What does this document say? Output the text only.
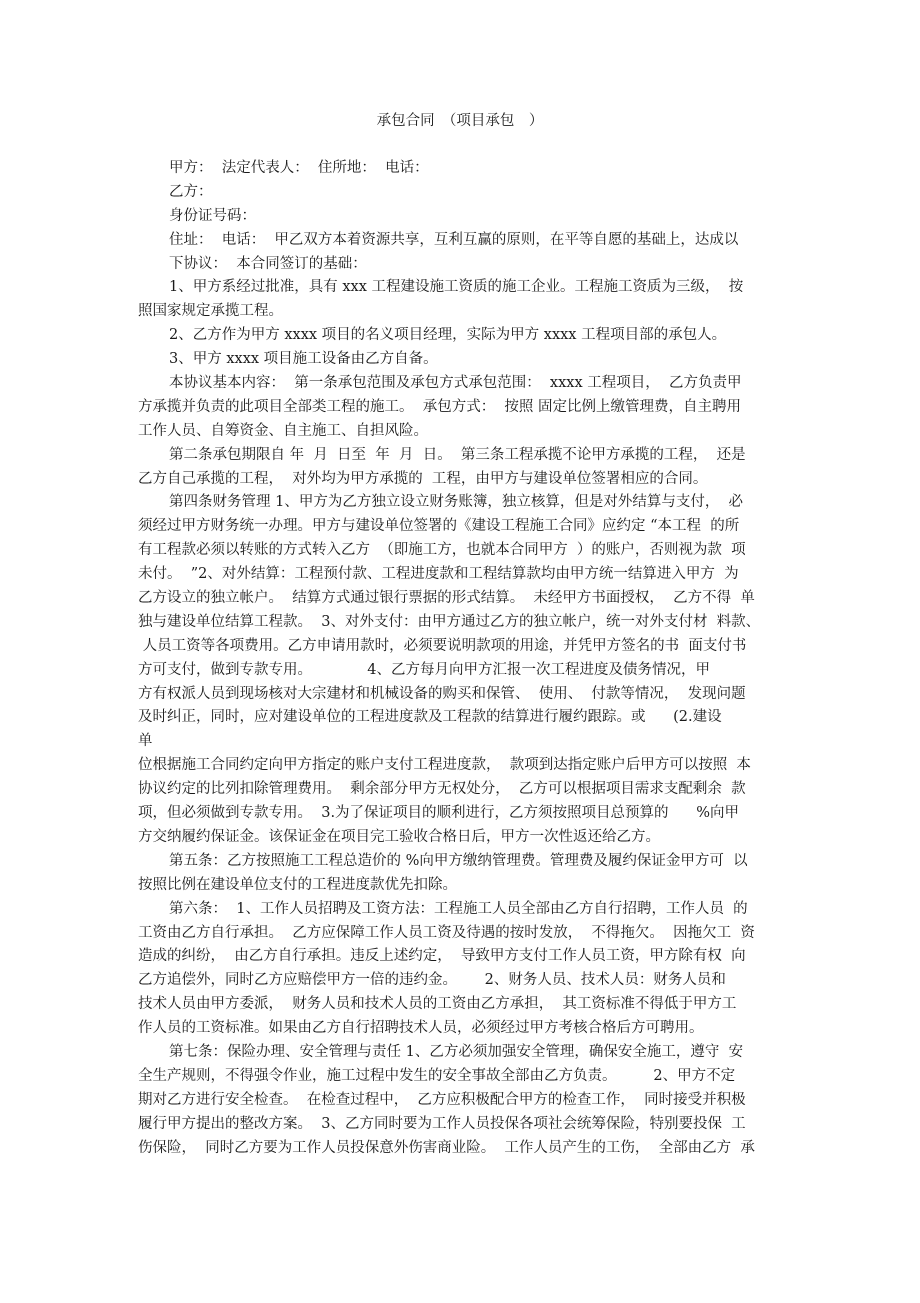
承包合同　（项目承包　）
甲方：  法定代表人：  住所地：  电话：
乙方：
身份证号码：
住址：  电话：  甲乙双方本着资源共享，互利互赢的原则，在平等自愿的基础上，达成以
下协议：  本合同签订的基础：
1、甲方系经过批准，具有 xxx 工程建设施工资质的施工企业。工程施工资质为三级，  按
照国家规定承揽工程。
2、乙方作为甲方 xxxx 项目的名义项目经理，实际为甲方 xxxx 工程项目部的承包人。
3、甲方 xxxx 项目施工设备由乙方自备。
本协议基本内容：  第一条承包范围及承包方式承包范围：  xxxx 工程项目，  乙方负责甲
方承揽并负责的此项目全部类工程的施工。  承包方式：  按照 固定比例上缴管理费，自主聘用
工作人员、自筹资金、自主施工、自担风险。
第二条承包期限自 年  月  日至  年  月  日。  第三条工程承揽不论甲方承揽的工程，  还是
乙方自己承揽的工程，  对外均为甲方承揽的  工程，由甲方与建设单位签署相应的合同。
第四条财务管理 1、甲方为乙方独立设立财务账簿，独立核算，但是对外结算与支付，  必
须经过甲方财务统一办理。甲方与建设单位签署的《建设工程施工合同》应约定 “本工程  的所
有工程款必须以转账的方式转入乙方  （即施工方，也就本合同甲方  ）的账户，否则视为款  项
未付。  ”2、对外结算：工程预付款、工程进度款和工程结算款均由甲方统一结算进入甲方  为
乙方设立的独立帐户。  结算方式通过银行票据的形式结算。  未经甲方书面授权，  乙方不得  单
独与建设单位结算工程款。  3、对外支付：由甲方通过乙方的独立帐户，统一对外支付材  料款、
人员工资等各项费用。乙方申请用款时，必须要说明款项的用途，并凭甲方签名的书  面支付书
方可支付，做到专款专用。            4、乙方每月向甲方汇报一次工程进度及债务情况，甲
方有权派人员到现场核对大宗建材和机械设备的购买和保管、  使用、  付款等情况，  发现问题
及时纠正，同时，应对建设单位的工程进度款及工程款的结算进行履约跟踪。或      (2.建设
单
位根据施工合同约定向甲方指定的账户支付工程进度款，  款项到达指定账户后甲方可以按照  本
协议约定的比列扣除管理费用。  剩余部分甲方无权处分，  乙方可以根据项目需求支配剩余  款
项，但必须做到专款专用。  3.为了保证项目的顺利进行，乙方须按照项目总预算的      %向甲
方交纳履约保证金。该保证金在项目完工验收合格日后，甲方一次性返还给乙方。
第五条：乙方按照施工工程总造价的 %向甲方缴纳管理费。管理费及履约保证金甲方可  以
按照比例在建设单位支付的工程进度款优先扣除。
第六条：  1、工作人员招聘及工资方法：工程施工人员全部由乙方自行招聘，工作人员  的
工资由乙方自行承担。  乙方应保障工作人员工资及待遇的按时发放，  不得拖欠。  因拖欠工  资
造成的纠纷，  由乙方自行承担。违反上述约定，  导致甲方支付工作人员工资，甲方除有权  向
乙方追偿外，同时乙方应赔偿甲方一倍的违约金。      2、财务人员、技术人员：财务人员和
技术人员由甲方委派，  财务人员和技术人员的工资由乙方承担，  其工资标准不得低于甲方工
作人员的工资标准。如果由乙方自行招聘技术人员，必须经过甲方考核合格后方可聘用。
第七条：保险办理、安全管理与责任 1、乙方必须加强安全管理，确保安全施工，遵守  安
全生产规则，不得强令作业，施工过程中发生的安全事故全部由乙方负责。        2、甲方不定
期对乙方进行安全检查。  在检查过程中，  乙方应积极配合甲方的检查工作，  同时接受并积极
履行甲方提出的整改方案。  3、乙方同时要为工作人员投保各项社会统筹保险，特别要投保  工
伤保险，  同时乙方要为工作人员投保意外伤害商业险。  工作人员产生的工伤，  全部由乙方  承
